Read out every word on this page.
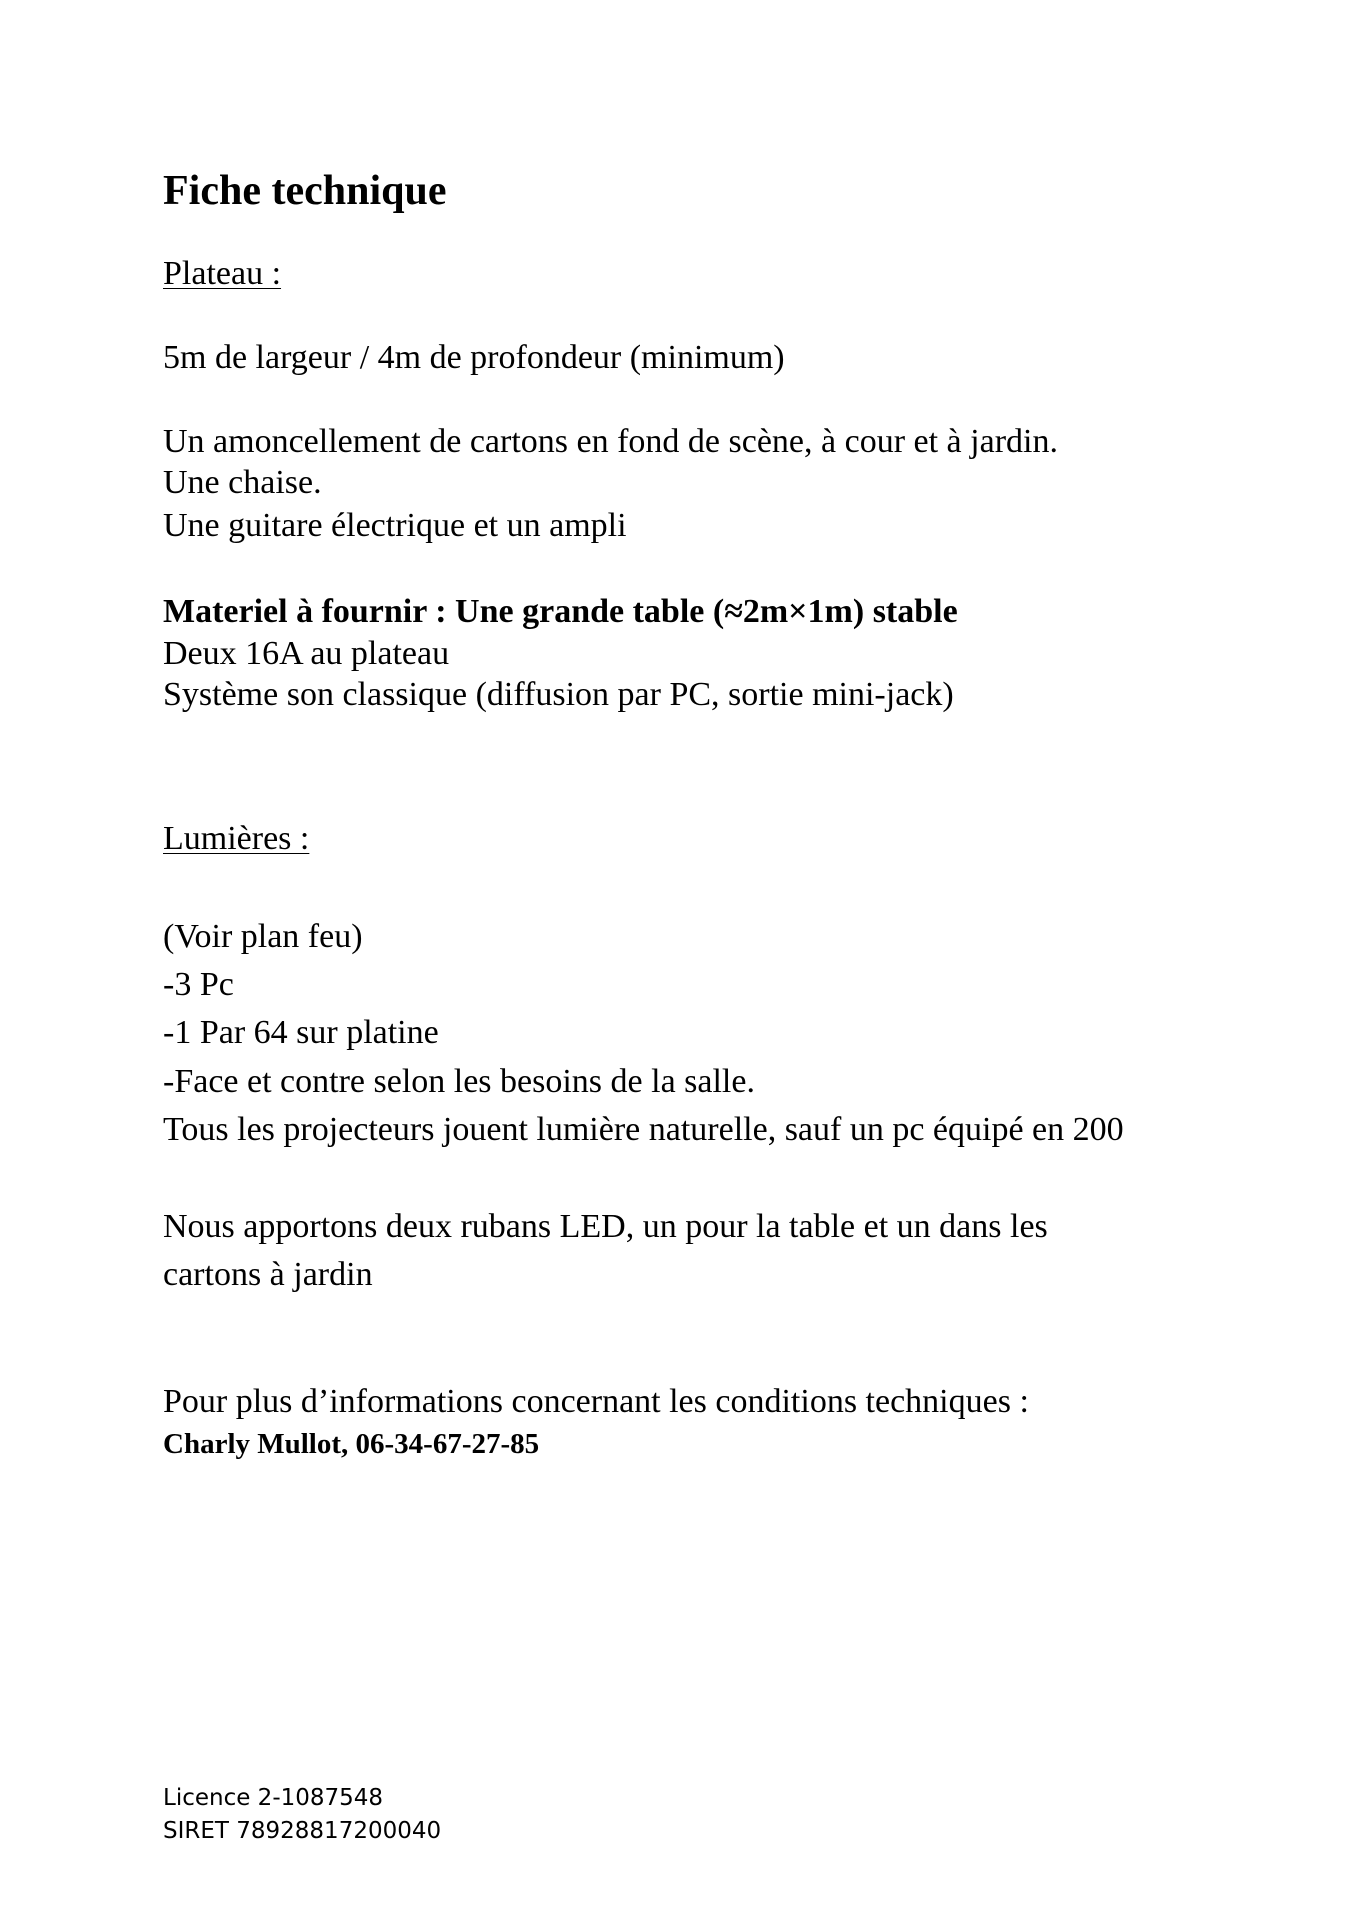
Fiche technique
Plateau :
5m de largeur / 4m de profondeur (minimum)
Un amoncellement de cartons en fond de scène, à cour et à jardin.
Une chaise.
Une guitare électrique et un ampli
Materiel à fournir : Une grande table (≈2m×1m) stable
Deux 16A au plateau
Système son classique (diffusion par PC, sortie mini-jack)
Lumières :
(Voir plan feu)
-3 Pc
-1 Par 64 sur platine
-Face et contre selon les besoins de la salle.
Tous les projecteurs jouent lumière naturelle, sauf un pc équipé en 200
Nous apportons deux rubans LED, un pour la table et un dans les
cartons à jardin
Pour plus d’informations concernant les conditions techniques :
Charly Mullot, 06-34-67-27-85
Licence 2-1087548
SIRET 78928817200040
